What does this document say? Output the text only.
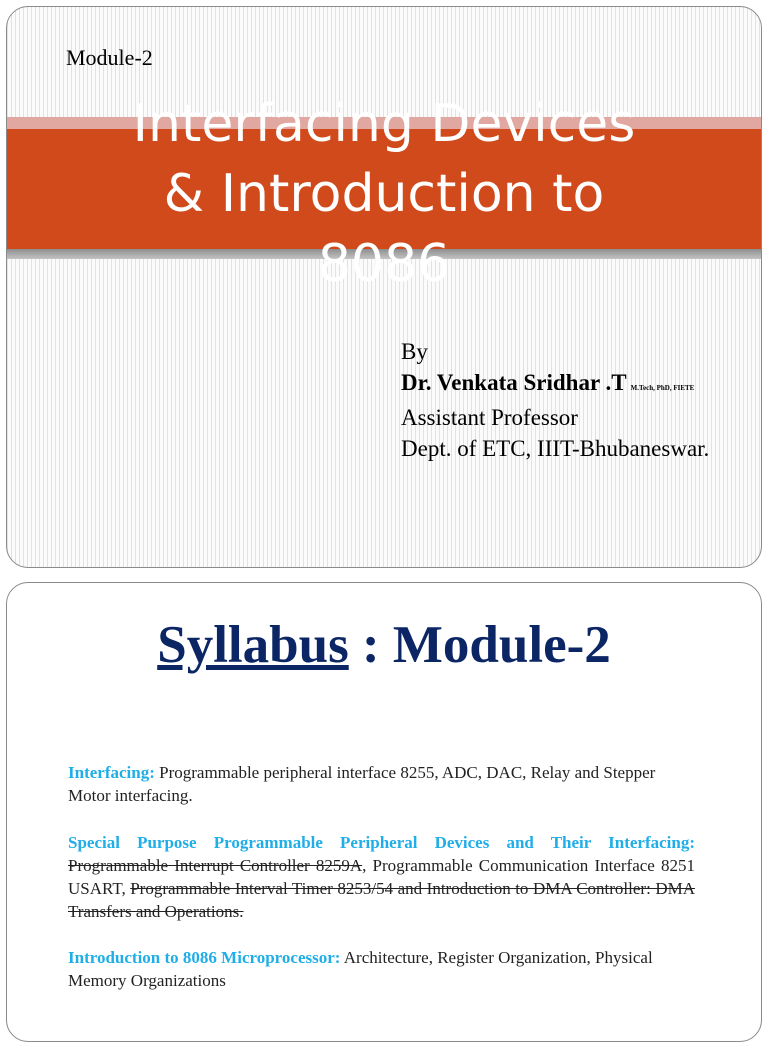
Module-2
Interfacing Devices
& Introduction to
8086
By
Dr. Venkata Sridhar .T M.Tech, PhD, FIETE
Assistant Professor
Dept. of ETC, IIIT-Bhubaneswar.
Syllabus : Module-2
Interfacing: Programmable peripheral interface 8255, ADC, DAC, Relay and Stepper Motor interfacing.
Special Purpose Programmable Peripheral Devices and Their Interfacing: Programmable Interrupt Controller 8259A, Programmable Communication Interface 8251 USART, Programmable Interval Timer 8253/54 and Introduction to DMA Controller: DMA Transfers and Operations.
Introduction to 8086 Microprocessor: Architecture, Register Organization, Physical Memory Organizations
